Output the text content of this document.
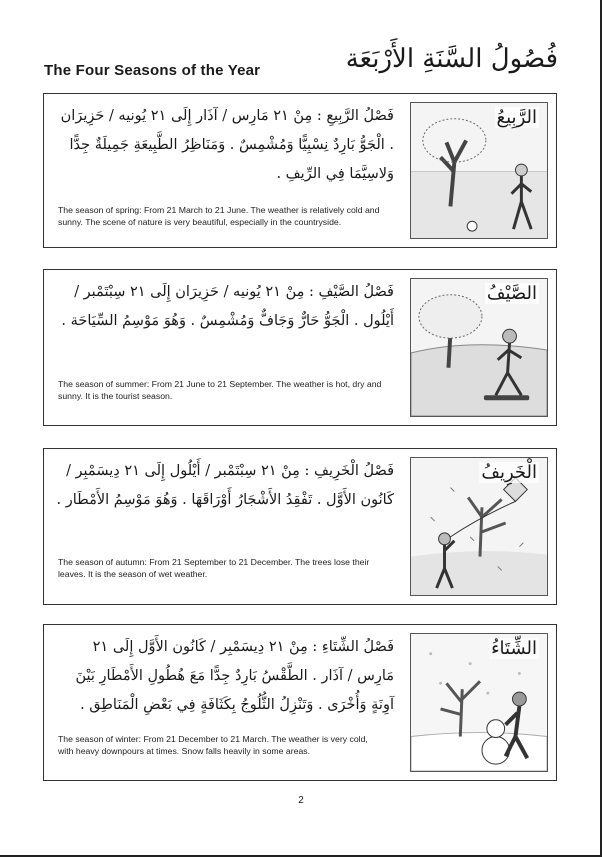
The Four Seasons of the Year	فُصُولُ السَّنَةِ الأَرْبَعَة
فَصْلُ الرَّبِيعِ : مِنْ ٢١ مَارِس / آذَار إِلَى ٢١ يُونيه / حَزِيرَان . الْجَوُّ بَارِدٌ نِسْبِيًّا وَمُشْمِسٌ . وَمَنَاظِرُ الطَّبِيعَةِ جَمِيلَةٌ جِدًّا وَلاسِيَّمَا فِي الرِّيفِ .
The season of spring: From 21 March to 21 June. The weather is relatively cold and sunny. The scene of nature is very beautiful, especially in the countryside.
الرَّبِيعُ
فَصْلُ الصَّيْفِ : مِنْ ٢١ يُونيه / حَزِيرَان إِلَى ٢١ سِبْتَمْبر / أَيْلُول . الْجَوُّ حَارٌّ وَجَافٌّ وَمُشْمِسٌ . وَهُوَ مَوْسِمُ السِّيَاحَة .
The season of summer: From 21 June to 21 September. The weather is hot, dry and sunny. It is the tourist season.
الصَّيْفُ
فَصْلُ الْخَرِيفِ : مِنْ ٢١ سِبْتَمْبر / أَيْلُول إِلَى ٢١ دِيسَمْبِر / كَانُون الأَوَّل . تَفْقِدُ الأَشْجَارُ أَوْرَاقَهَا . وَهُوَ مَوْسِمُ الأَمْطَار .
The season of autumn: From 21 September to 21 December. The trees lose their leaves. It is the season of wet weather.
الْخَرِيفُ
فَصْلُ الشِّتَاءِ : مِنْ ٢١ دِيسَمْبِر / كَانُون الأَوَّل إِلَى ٢١ مَارِس / آذَار . الطَّقْسُ بَارِدٌ جِدًّا مَعَ هُطُولِ الأَمْطَارِ بَيْنَ آوِنَةٍ وَأُخْرَى . وَتَنْزِلُ الثُّلُوجُ بِكَثَافَةٍ فِي بَعْضِ الْمَنَاطِق .
The season of winter: From 21 December to 21 March. The weather is very cold, with heavy downpours at times. Snow falls heavily in some areas.
الشِّتَاءُ
2
